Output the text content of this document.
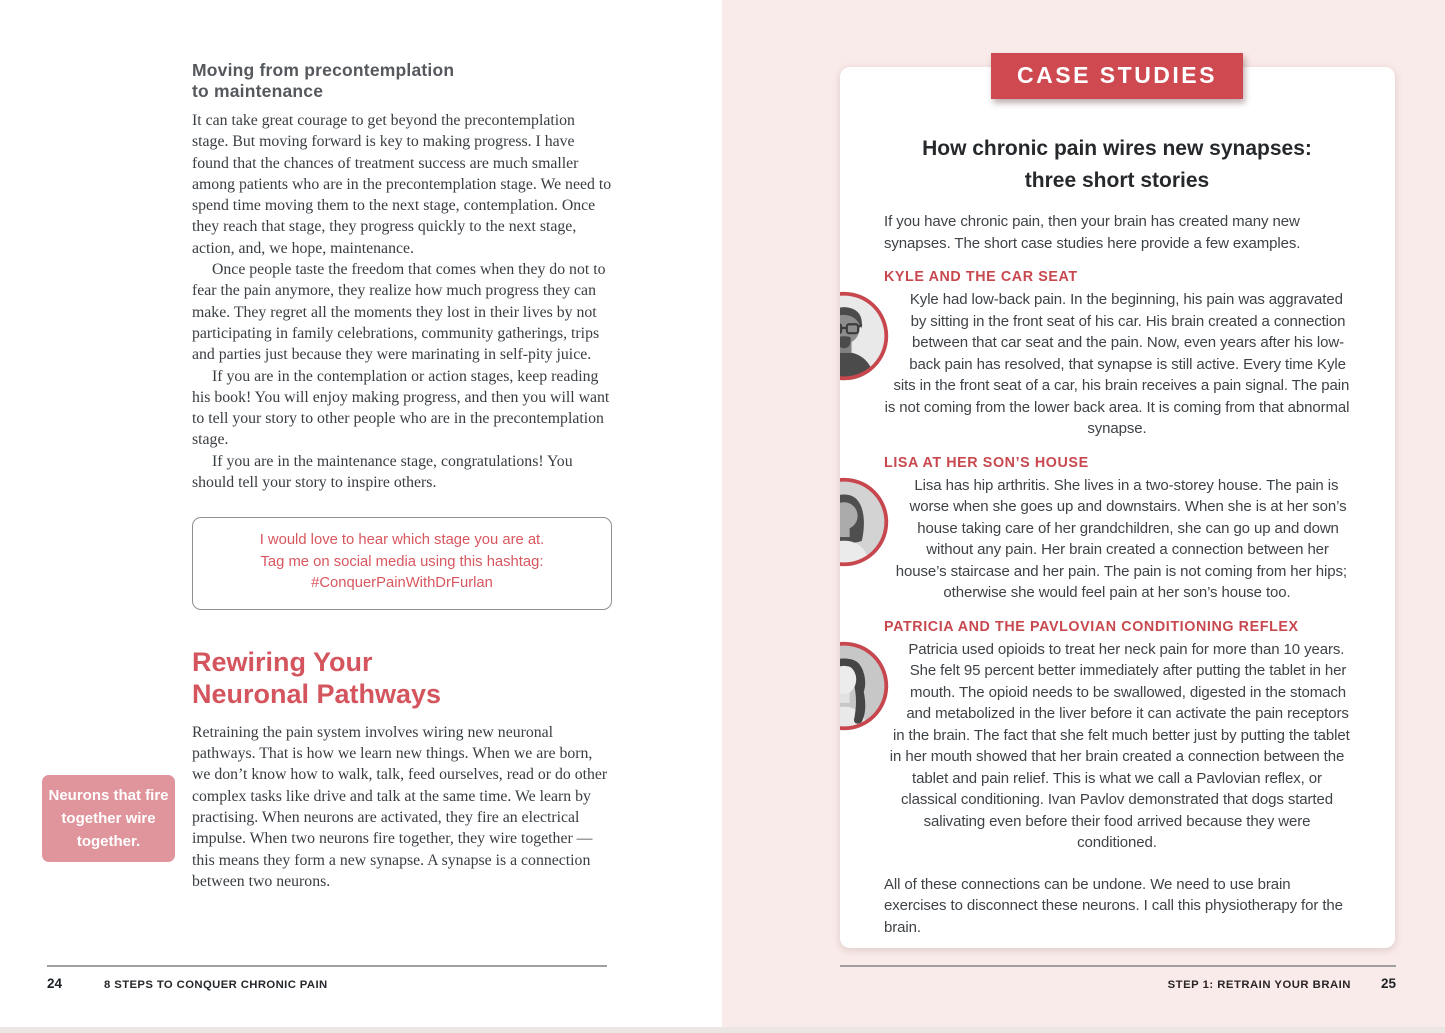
Moving from precontemplation
to maintenance

It can take great courage to get beyond the precontemplation stage. But moving forward is key to making progress. I have found that the chances of treatment success are much smaller among patients who are in the precontemplation stage. We need to spend time moving them to the next stage, contemplation. Once they reach that stage, they progress quickly to the next stage, action, and, we hope, maintenance.

Once people taste the freedom that comes when they do not to fear the pain anymore, they realize how much progress they can make. They regret all the moments they lost in their lives by not participating in family celebrations, community gatherings, trips and parties just because they were marinating in self-pity juice.

If you are in the contemplation or action stages, keep reading his book! You will enjoy making progress, and then you will want to tell your story to other people who are in the precontemplation stage.

If you are in the maintenance stage, congratulations! You should tell your story to inspire others.

I would love to hear which stage you are at.
Tag me on social media using this hashtag:
#ConquerPainWithDrFurlan
Rewiring Your
Neuronal Pathways

Retraining the pain system involves wiring new neuronal pathways. That is how we learn new things. When we are born, we don’t know how to walk, talk, feed ourselves, read or do other complex tasks like drive and talk at the same time. We learn by practising. When neurons are activated, they fire an electrical impulse. When two neurons fire together, they wire together — this means they form a new synapse. A synapse is a connection between two neurons.

Neurons that fire together wire together.
24	8 STEPS TO CONQUER CHRONIC PAIN
CASE STUDIES
How chronic pain wires new synapses:
three short stories

If you have chronic pain, then your brain has created many new synapses. The short case studies here provide a few examples.

KYLE AND THE CAR SEAT

Kyle had low-back pain. In the beginning, his pain was aggravated by sitting in the front seat of his car. His brain created a connection between that car seat and the pain. Now, even years after his low-back pain has resolved, that synapse is still active. Every time Kyle sits in the front seat of a car, his brain receives a pain signal. The pain is not coming from the lower back area. It is coming from that abnormal synapse.

LISA AT HER SON’S HOUSE

Lisa has hip arthritis. She lives in a two-storey house. The pain is worse when she goes up and downstairs. When she is at her son’s house taking care of her grandchildren, she can go up and down without any pain. Her brain created a connection between her house’s staircase and her pain. The pain is not coming from her hips; otherwise she would feel pain at her son’s house too.

PATRICIA AND THE PAVLOVIAN CONDITIONING REFLEX

Patricia used opioids to treat her neck pain for more than 10 years. She felt 95 percent better immediately after putting the tablet in her mouth. The opioid needs to be swallowed, digested in the stomach and metabolized in the liver before it can activate the pain receptors in the brain. The fact that she felt much better just by putting the tablet in her mouth showed that her brain created a connection between the tablet and pain relief. This is what we call a Pavlovian reflex, or classical conditioning. Ivan Pavlov demonstrated that dogs started salivating even before their food arrived because they were conditioned.

All of these connections can be undone. We need to use brain exercises to disconnect these neurons. I call this physiotherapy for the brain.

STEP 1: RETRAIN YOUR BRAIN 25
